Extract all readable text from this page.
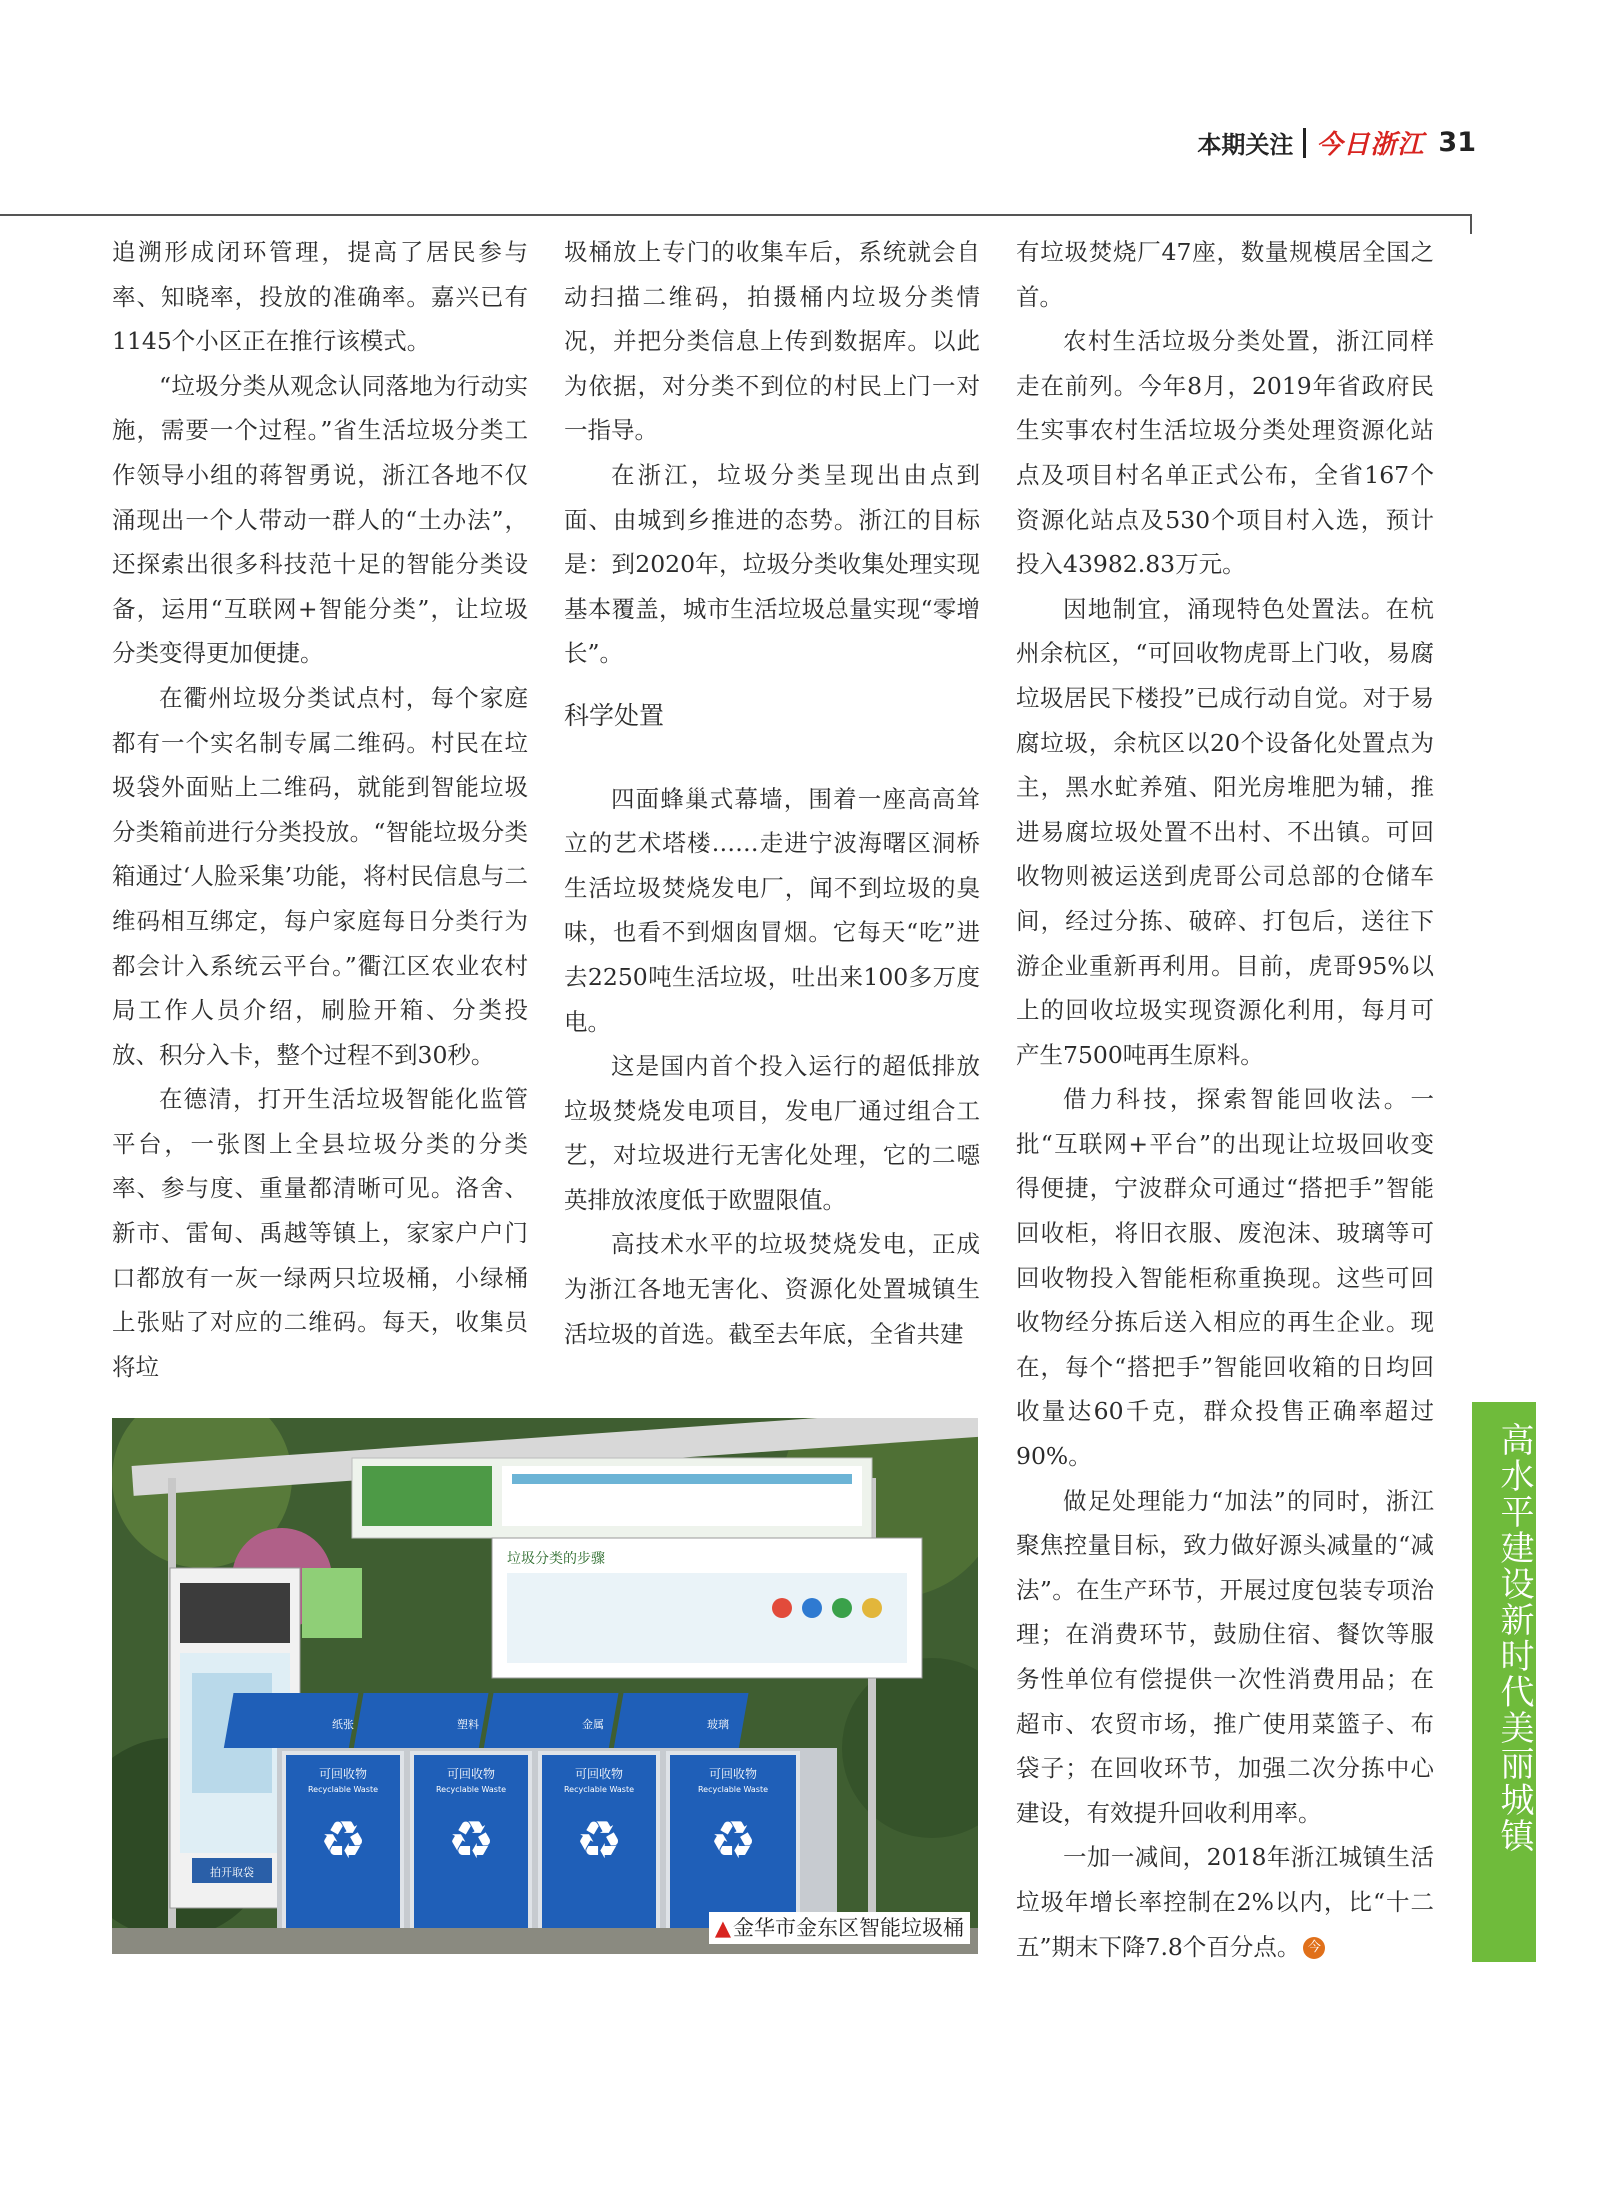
本期关注 今日浙江 31

追溯形成闭环管理，提高了居民参与率、知晓率，投放的准确率。嘉兴已有1145个小区正在推行该模式。

“垃圾分类从观念认同落地为行动实施，需要一个过程。”省生活垃圾分类工作领导小组的蒋智勇说，浙江各地不仅涌现出一个人带动一群人的“土办法”，还探索出很多科技范十足的智能分类设备，运用“互联网+智能分类”，让垃圾分类变得更加便捷。

在衢州垃圾分类试点村，每个家庭都有一个实名制专属二维码。村民在垃圾袋外面贴上二维码，就能到智能垃圾分类箱前进行分类投放。“智能垃圾分类箱通过‘人脸采集’功能，将村民信息与二维码相互绑定，每户家庭每日分类行为都会计入系统云平台。”衢江区农业农村局工作人员介绍，刷脸开箱、分类投放、积分入卡，整个过程不到30秒。

在德清，打开生活垃圾智能化监管平台，一张图上全县垃圾分类的分类率、参与度、重量都清晰可见。洛舍、新市、雷甸、禹越等镇上，家家户户门口都放有一灰一绿两只垃圾桶，小绿桶上张贴了对应的二维码。每天，收集员将垃

圾桶放上专门的收集车后，系统就会自动扫描二维码，拍摄桶内垃圾分类情况，并把分类信息上传到数据库。以此为依据，对分类不到位的村民上门一对一指导。

在浙江，垃圾分类呈现出由点到面、由城到乡推进的态势。浙江的目标是：到2020年，垃圾分类收集处理实现基本覆盖，城市生活垃圾总量实现“零增长”。

科学处置

四面蜂巢式幕墙，围着一座高高耸立的艺术塔楼……走进宁波海曙区洞桥生活垃圾焚烧发电厂，闻不到垃圾的臭味，也看不到烟囱冒烟。它每天“吃”进去2250吨生活垃圾，吐出来100多万度电。

这是国内首个投入运行的超低排放垃圾焚烧发电项目，发电厂通过组合工艺，对垃圾进行无害化处理，它的二噁英排放浓度低于欧盟限值。

高技术水平的垃圾焚烧发电，正成为浙江各地无害化、资源化处置城镇生活垃圾的首选。截至去年底，全省共建

有垃圾焚烧厂47座，数量规模居全国之首。

农村生活垃圾分类处置，浙江同样走在前列。今年8月，2019年省政府民生实事农村生活垃圾分类处理资源化站点及项目村名单正式公布，全省167个资源化站点及530个项目村入选，预计投入43982.83万元。

因地制宜，涌现特色处置法。在杭州余杭区，“可回收物虎哥上门收，易腐垃圾居民下楼投”已成行动自觉。对于易腐垃圾，余杭区以20个设备化处置点为主，黑水虻养殖、阳光房堆肥为辅，推进易腐垃圾处置不出村、不出镇。可回收物则被运送到虎哥公司总部的仓储车间，经过分拣、破碎、打包后，送往下游企业重新再利用。目前，虎哥95%以上的回收垃圾实现资源化利用，每月可产生7500吨再生原料。

借力科技，探索智能回收法。一批“互联网+平台”的出现让垃圾回收变得便捷，宁波群众可通过“搭把手”智能回收柜，将旧衣服、废泡沫、玻璃等可回收物投入智能柜称重换现。这些可回收物经分拣后送入相应的再生企业。现在，每个“搭把手”智能回收箱的日均回收量达60千克，群众投售正确率超过90%。

做足处理能力“加法”的同时，浙江聚焦控量目标，致力做好源头减量的“减法”。在生产环节，开展过度包装专项治理；在消费环节，鼓励住宿、餐饮等服务性单位有偿提供一次性消费用品；在超市、农贸市场，推广使用菜篮子、布袋子；在回收环节，加强二次分拣中心建设，有效提升回收利用率。

一加一减间，2018年浙江城镇生活垃圾年增长率控制在2%以内，比“十二五”期末下降7.8个百分点。 今

垃圾分类的步骤
拍开取袋
纸张
可回收物
Recyclable Waste
♻
塑料
可回收物
Recyclable Waste
♻
金属
可回收物
Recyclable Waste
♻
玻璃
可回收物
Recyclable Waste
♻
▲金华市金东区智能垃圾桶
高水平建设新时代美丽城镇
